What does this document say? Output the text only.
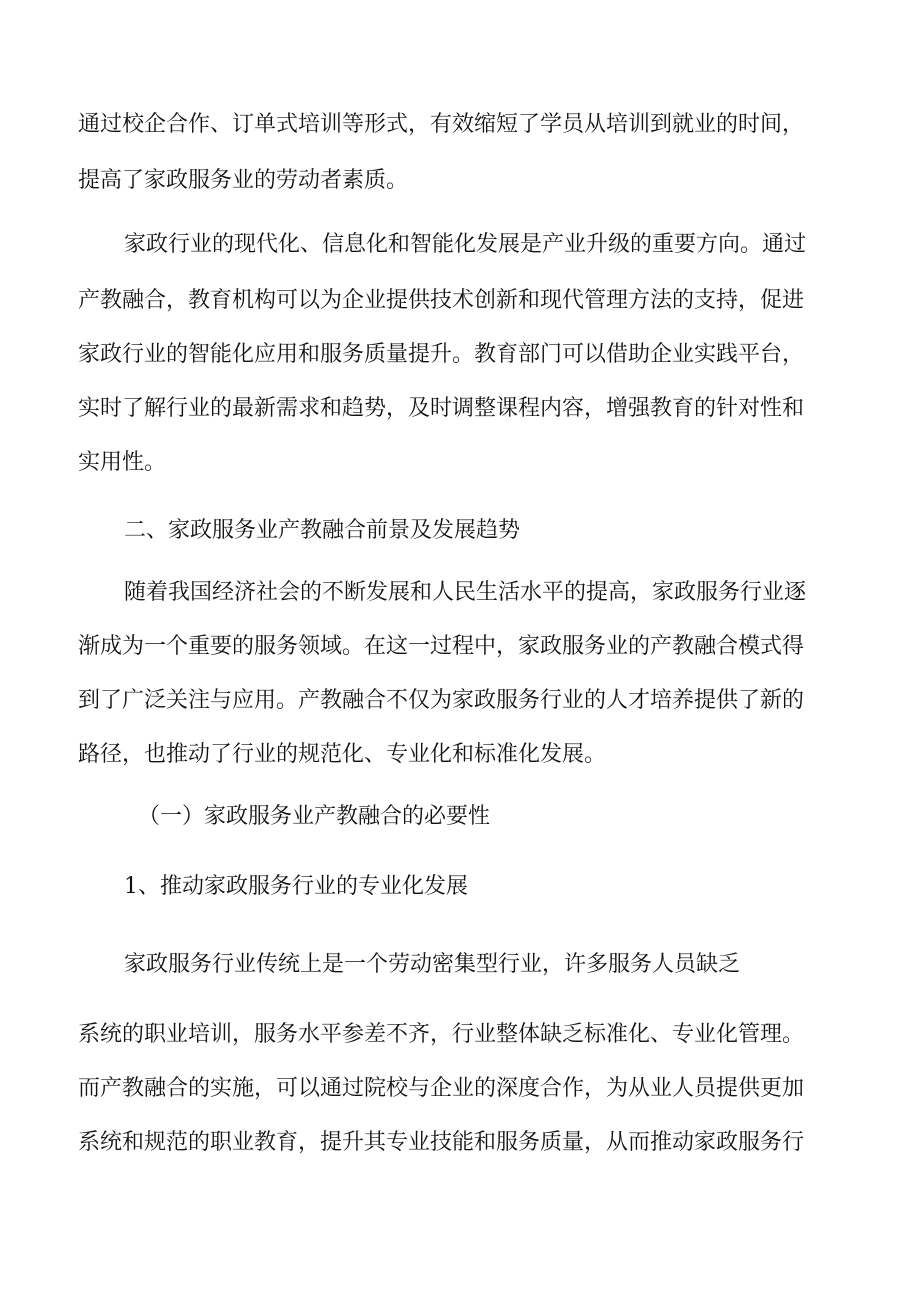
通过校企合作、订单式培训等形式，有效缩短了学员从培训到就业的时间，
提高了家政服务业的劳动者素质。
家政行业的现代化、信息化和智能化发展是产业升级的重要方向。通过
产教融合，教育机构可以为企业提供技术创新和现代管理方法的支持，促进
家政行业的智能化应用和服务质量提升。教育部门可以借助企业实践平台，
实时了解行业的最新需求和趋势，及时调整课程内容，增强教育的针对性和
实用性。
二、家政服务业产教融合前景及发展趋势
随着我国经济社会的不断发展和人民生活水平的提高，家政服务行业逐
渐成为一个重要的服务领域。在这一过程中，家政服务业的产教融合模式得
到了广泛关注与应用。产教融合不仅为家政服务行业的人才培养提供了新的
路径，也推动了行业的规范化、专业化和标准化发展。
（一）家政服务业产教融合的必要性
1、推动家政服务行业的专业化发展
家政服务行业传统上是一个劳动密集型行业，许多服务人员缺乏
系统的职业培训，服务水平参差不齐，行业整体缺乏标准化、专业化管理。
而产教融合的实施，可以通过院校与企业的深度合作，为从业人员提供更加
系统和规范的职业教育，提升其专业技能和服务质量，从而推动家政服务行
